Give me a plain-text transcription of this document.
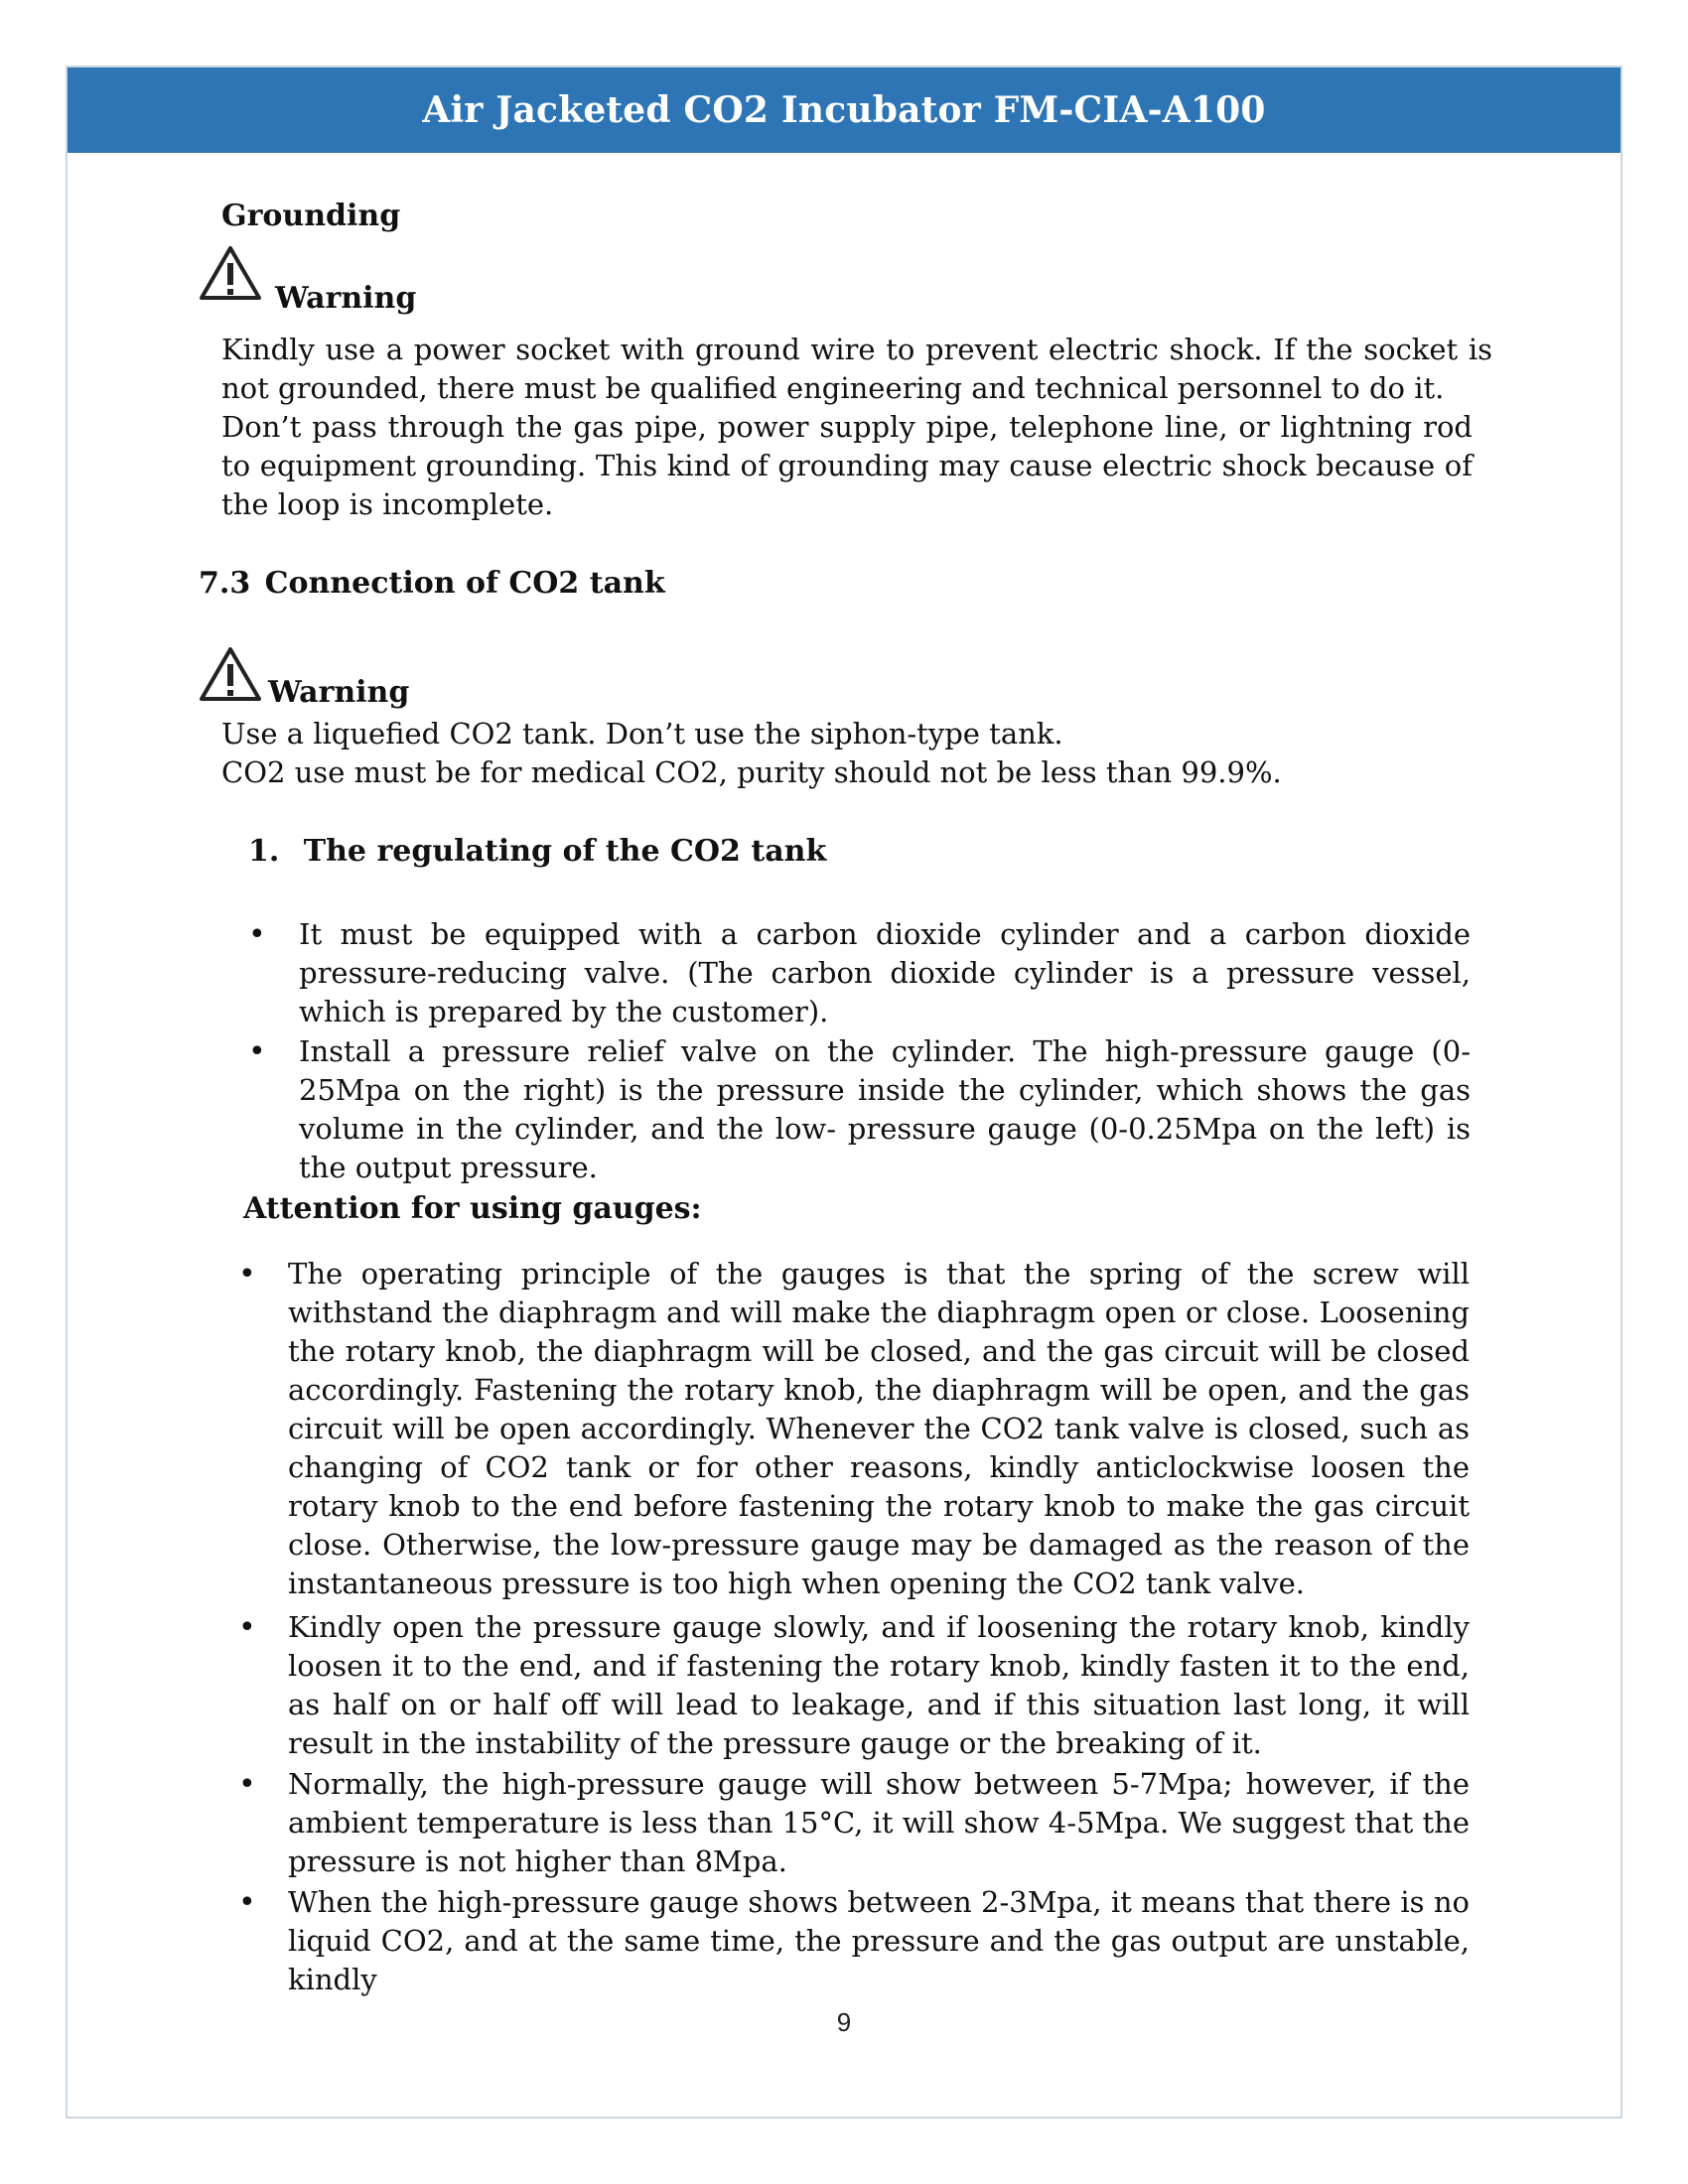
Air Jacketed CO2 Incubator FM-CIA-A100
Grounding
Warning
Kindly use a power socket with ground wire to prevent electric shock. If the socket is not grounded, there must be qualified engineering and technical personnel to do it.
Don’t pass through the gas pipe, power supply pipe, telephone line, or lightning rod to equipment grounding. This kind of grounding may cause electric shock because of the loop is incomplete.
7.3 Connection of CO2 tank
Warning
Use a liquefied CO2 tank. Don’t use the siphon-type tank.
CO2 use must be for medical CO2, purity should not be less than 99.9%.
1. The regulating of the CO2 tank
• It must be equipped with a carbon dioxide cylinder and a carbon dioxide pressure-reducing valve. (The carbon dioxide cylinder is a pressure vessel, which is prepared by the customer).
• Install a pressure relief valve on the cylinder. The high-pressure gauge (0-25Mpa on the right) is the pressure inside the cylinder, which shows the gas volume in the cylinder, and the low- pressure gauge (0-0.25Mpa on the left) is the output pressure.
Attention for using gauges:
• The operating principle of the gauges is that the spring of the screw will withstand the diaphragm and will make the diaphragm open or close. Loosening the rotary knob, the diaphragm will be closed, and the gas circuit will be closed accordingly. Fastening the rotary knob, the diaphragm will be open, and the gas circuit will be open accordingly. Whenever the CO2 tank valve is closed, such as changing of CO2 tank or for other reasons, kindly anticlockwise loosen the rotary knob to the end before fastening the rotary knob to make the gas circuit close. Otherwise, the low-pressure gauge may be damaged as the reason of the instantaneous pressure is too high when opening the CO2 tank valve.
• Kindly open the pressure gauge slowly, and if loosening the rotary knob, kindly loosen it to the end, and if fastening the rotary knob, kindly fasten it to the end, as half on or half off will lead to leakage, and if this situation last long, it will result in the instability of the pressure gauge or the breaking of it.
• Normally, the high-pressure gauge will show between 5-7Mpa; however, if the ambient temperature is less than 15°C, it will show 4-5Mpa. We suggest that the pressure is not higher than 8Mpa.
• When the high-pressure gauge shows between 2-3Mpa, it means that there is no liquid CO2, and at the same time, the pressure and the gas output are unstable, kindly
9
